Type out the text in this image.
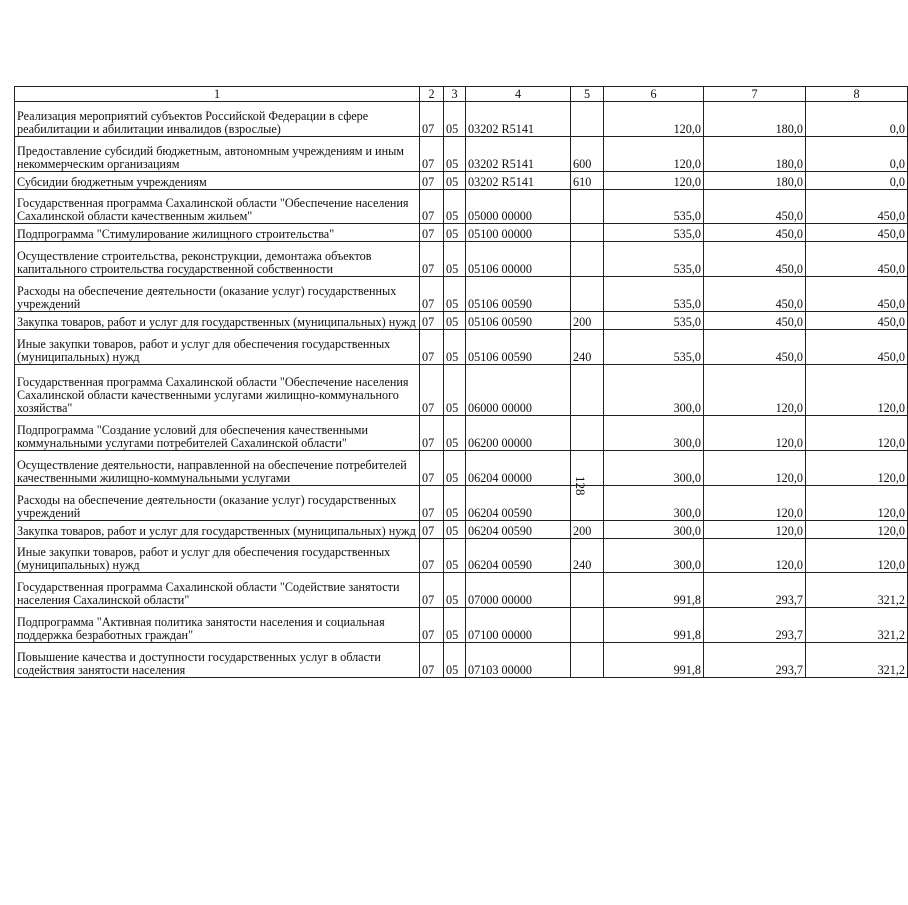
128
1	2	3	4	5	6	7	8
Реализация мероприятий субъектов Российской Федерации в сфере реабилитации и абилитации инвалидов (взрослые)	07	05	03202 R5141		120,0	180,0	0,0
Предоставление субсидий бюджетным, автономным учреждениям и иным некоммерческим организациям	07	05	03202 R5141	600	120,0	180,0	0,0
Субсидии бюджетным учреждениям	07	05	03202 R5141	610	120,0	180,0	0,0
Государственная программа Сахалинской области "Обеспечение населения Сахалинской области качественным жильем"	07	05	05000 00000		535,0	450,0	450,0
Подпрограмма "Стимулирование жилищного строительства"	07	05	05100 00000		535,0	450,0	450,0
Осуществление строительства, реконструкции, демонтажа объектов капитального строительства государственной собственности	07	05	05106 00000		535,0	450,0	450,0
Расходы на обеспечение деятельности (оказание услуг) государственных учреждений	07	05	05106 00590		535,0	450,0	450,0
Закупка товаров, работ и услуг для государственных (муниципальных) нужд	07	05	05106 00590	200	535,0	450,0	450,0
Иные закупки товаров, работ и услуг для обеспечения государственных (муниципальных) нужд	07	05	05106 00590	240	535,0	450,0	450,0
Государственная программа Сахалинской области "Обеспечение населения Сахалинской области качественными услугами жилищно-коммунального хозяйства"	07	05	06000 00000		300,0	120,0	120,0
Подпрограмма "Создание условий для обеспечения качественными коммунальными услугами потребителей Сахалинской области"	07	05	06200 00000		300,0	120,0	120,0
Осуществление деятельности, направленной на обеспечение потребителей качественными жилищно-коммунальными услугами	07	05	06204 00000		300,0	120,0	120,0
Расходы на обеспечение деятельности (оказание услуг) государственных учреждений	07	05	06204 00590		300,0	120,0	120,0
Закупка товаров, работ и услуг для государственных (муниципальных) нужд	07	05	06204 00590	200	300,0	120,0	120,0
Иные закупки товаров, работ и услуг для обеспечения государственных (муниципальных) нужд	07	05	06204 00590	240	300,0	120,0	120,0
Государственная программа Сахалинской области "Содействие занятости населения Сахалинской области"	07	05	07000 00000		991,8	293,7	321,2
Подпрограмма "Активная политика занятости населения и социальная поддержка безработных граждан"	07	05	07100 00000		991,8	293,7	321,2
Повышение качества и доступности государственных услуг в области содействия занятости населения	07	05	07103 00000		991,8	293,7	321,2
